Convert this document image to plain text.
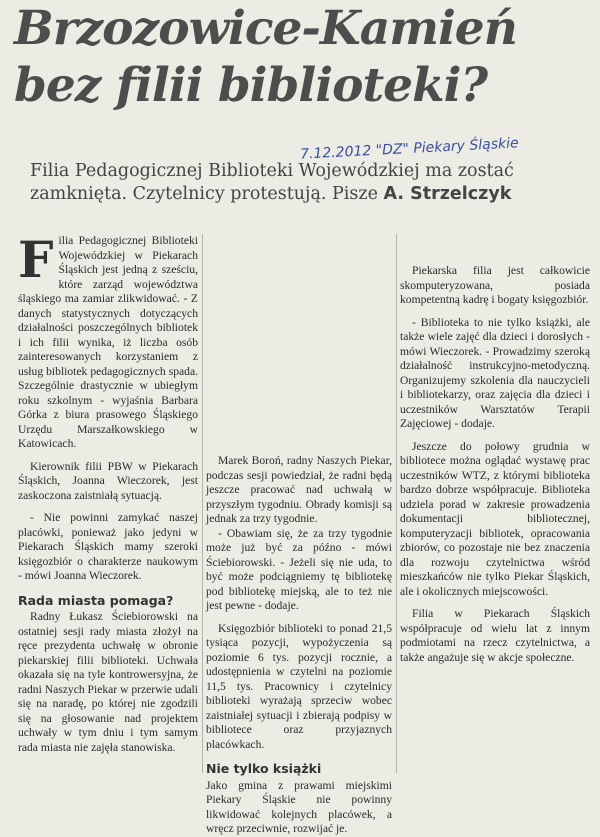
Brzozowice-Kamień
bez filii biblioteki?
7.12.2012 "DZ" Piekary Śląskie
Filia Pedagogicznej Biblioteki Wojewódzkiej ma zostać zamknięta. Czytelnicy protestują. Pisze A. Strzelczyk

Filia Pedagogicznej Biblioteki Wojewódzkiej w Piekarach Śląskich jest jedną z sześciu, które zarząd województwa śląskiego ma zamiar zlikwidować. - Z danych statystycznych dotyczących działalności poszczególnych bibliotek i ich filii wynika, iż liczba osób zainteresowanych korzystaniem z usług bibliotek pedagogicznych spada. Szczególnie drastycznie w ubiegłym roku szkolnym - wyjaśnia Barbara Górka z biura prasowego Śląskiego Urzędu Marszałkowskiego w Katowicach.

Kierownik filii PBW w Piekarach Śląskich, Joanna Wieczorek, jest zaskoczona zaistniałą sytuacją.

- Nie powinni zamykać naszej placówki, ponieważ jako jedyni w Piekarach Śląskich mamy szeroki księgozbiór o charakterze naukowym - mówi Joanna Wieczorek.

Rada miasta pomaga?

Radny Łukasz Ściebiorowski na ostatniej sesji rady miasta złożył na ręce prezydenta uchwałę w obronie piekarskiej filii biblioteki. Uchwała okazała się na tyle kontrowersyjna, że radni Naszych Piekar w przerwie udali się na naradę, po której nie zgodzili się na głosowanie nad projektem uchwały w tym dniu i tym samym rada miasta nie zajęła stanowiska.

Marek Boroń, radny Naszych Piekar, podczas sesji powiedział, że radni będą jeszcze pracować nad uchwałą w przyszłym tygodniu. Obrady komisji są jednak za trzy tygodnie.

- Obawiam się, że za trzy tygodnie może już być za późno - mówi Ściebiorowski. - Jeżeli się nie uda, to być może podciągniemy tę bibliotekę pod bibliotekę miejską, ale to też nie jest pewne - dodaje.

Księgozbiór biblioteki to ponad 21,5 tysiąca pozycji, wypożyczenia są poziomie 6 tys. pozycji rocznie, a udostępnienia w czytelni na poziomie 11,5 tys. Pracownicy i czytelnicy biblioteki wyrażają sprzeciw wobec zaistniałej sytuacji i zbierają podpisy w bibliotece oraz przyjaznych placówkach.

Nie tylko książki

Jako gmina z prawami miejskimi Piekary Śląskie nie powinny likwidować kolejnych placówek, a wręcz przeciwnie, rozwijać je.

Piekarska filia jest całkowicie skomputeryzowana, posiada kompetentną kadrę i bogaty księgozbiór.

- Biblioteka to nie tylko książki, ale także wiele zajęć dla dzieci i dorosłych - mówi Wieczorek. - Prowadzimy szeroką działalność instrukcyjno-metodyczną. Organizujemy szkolenia dla nauczycieli i bibliotekarzy, oraz zajęcia dla dzieci i uczestników Warsztatów Terapii Zajęciowej - dodaje.

Jeszcze do połowy grudnia w bibliotece można oglądać wystawę prac uczestników WTZ, z którymi biblioteka bardzo dobrze współpracuje. Biblioteka udziela porad w zakresie prowadzenia dokumentacji bibliotecznej, komputeryzacji bibliotek, opracowania zbiorów, co pozostaje nie bez znaczenia dla rozwoju czytelnictwa wśród mieszkańców nie tylko Piekar Śląskich, ale i okolicznych miejscowości.

Filia w Piekarach Śląskich współpracuje od wielu lat z innym podmiotami na rzecz czytelnictwa, a także angażuje się w akcje społeczne.
